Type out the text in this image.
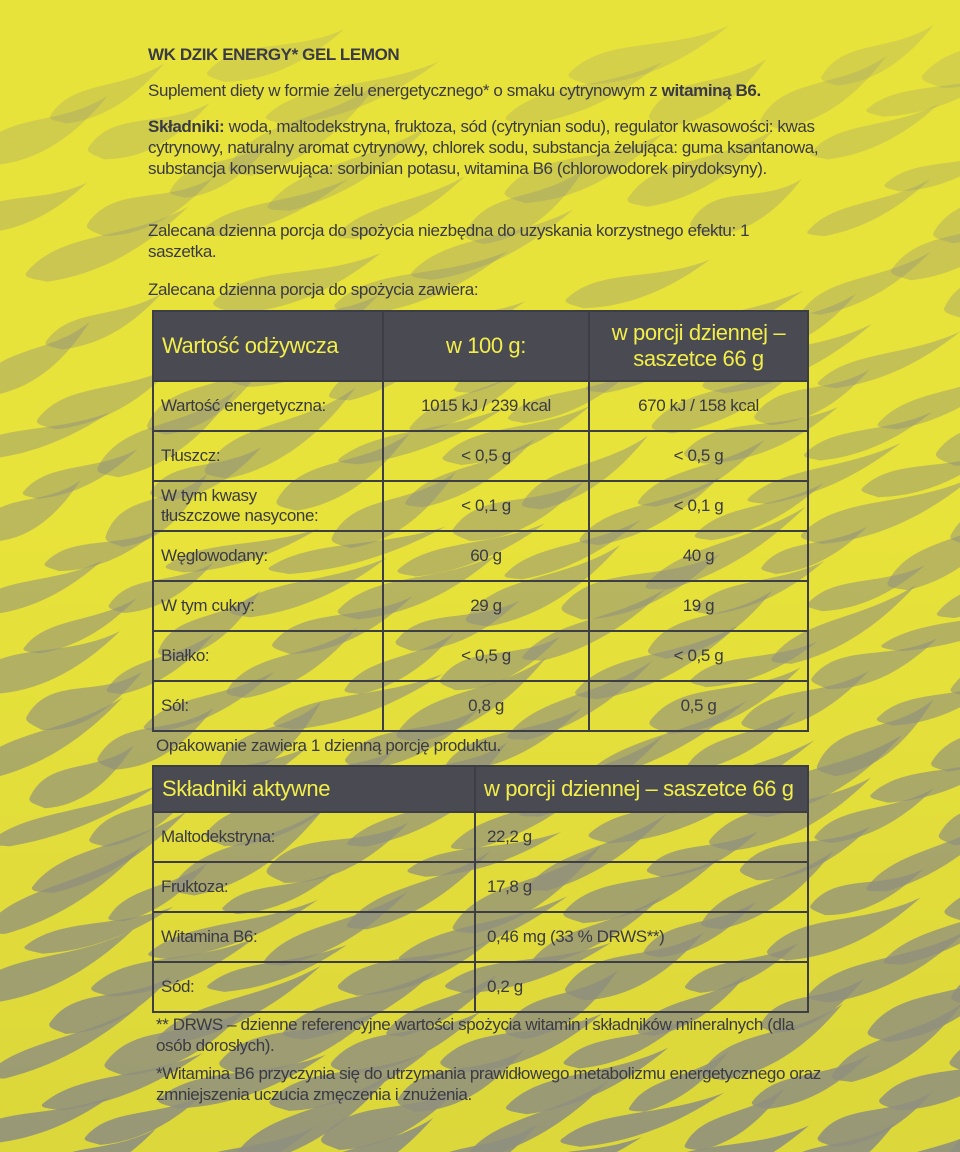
WK DZIK ENERGY* GEL LEMON
Suplement diety w formie żelu energetycznego* o smaku cytrynowym z witaminą B6.
Składniki: woda, maltodekstryna, fruktoza, sód (cytrynian sodu), regulator kwasowości: kwas cytrynowy, naturalny aromat cytrynowy, chlorek sodu, substancja żelująca: guma ksantanowa, substancja konserwująca: sorbinian potasu, witamina B6 (chlorowodorek pirydoksyny).
Zalecana dzienna porcja do spożycia niezbędna do uzyskania korzystnego efektu: 1 saszetka.
Zalecana dzienna porcja do spożycia zawiera:
Wartość odżywcza	w 100 g:	w porcji dziennej – saszetce 66 g
Wartość energetyczna:	1015 kJ / 239 kcal	670 kJ / 158 kcal
Tłuszcz:	< 0,5 g	< 0,5 g
W tym kwasy tłuszczowe nasycone:	< 0,1 g	< 0,1 g
Węglowodany:	60 g	40 g
W tym cukry:	29 g	19 g
Białko:	< 0,5 g	< 0,5 g
Sól:	0,8 g	0,5 g
Opakowanie zawiera 1 dzienną porcję produktu.
Składniki aktywne	w porcji dziennej – saszetce 66 g
Maltodekstryna:	22,2 g
Fruktoza:	17,8 g
Witamina B6:	0,46 mg (33 % DRWS**)
Sód:	0,2 g
** DRWS – dzienne referencyjne wartości spożycia witamin i składników mineralnych (dla osób dorosłych).
*Witamina B6 przyczynia się do utrzymania prawidłowego metabolizmu energetycznego oraz zmniejszenia uczucia zmęczenia i znużenia.
